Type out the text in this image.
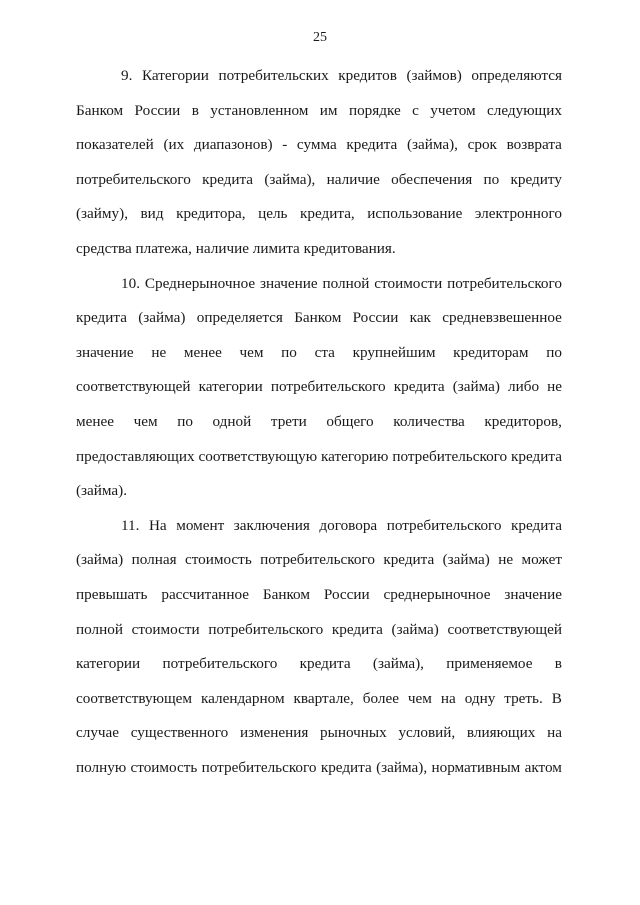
25
9. Категории потребительских кредитов (займов) определяются
Банком России в установленном им порядке с учетом следующих
показателей (их диапазонов) - сумма кредита (займа), срок возврата
потребительского кредита (займа), наличие обеспечения по кредиту
(займу), вид кредитора, цель кредита, использование электронного
средства платежа, наличие лимита кредитования.
10. Среднерыночное значение полной стоимости потребительского
кредита (займа) определяется Банком России как средневзвешенное
значение не менее чем по ста крупнейшим кредиторам по
соответствующей категории потребительского кредита (займа) либо не
менее чем по одной трети общего количества кредиторов,
предоставляющих соответствующую категорию потребительского кредита
(займа).
11. На момент заключения договора потребительского кредита
(займа) полная стоимость потребительского кредита (займа) не может
превышать рассчитанное Банком России среднерыночное значение
полной стоимости потребительского кредита (займа) соответствующей
категории потребительского кредита (займа), применяемое в
соответствующем календарном квартале, более чем на одну треть. В
случае существенного изменения рыночных условий, влияющих на
полную стоимость потребительского кредита (займа), нормативным актом
